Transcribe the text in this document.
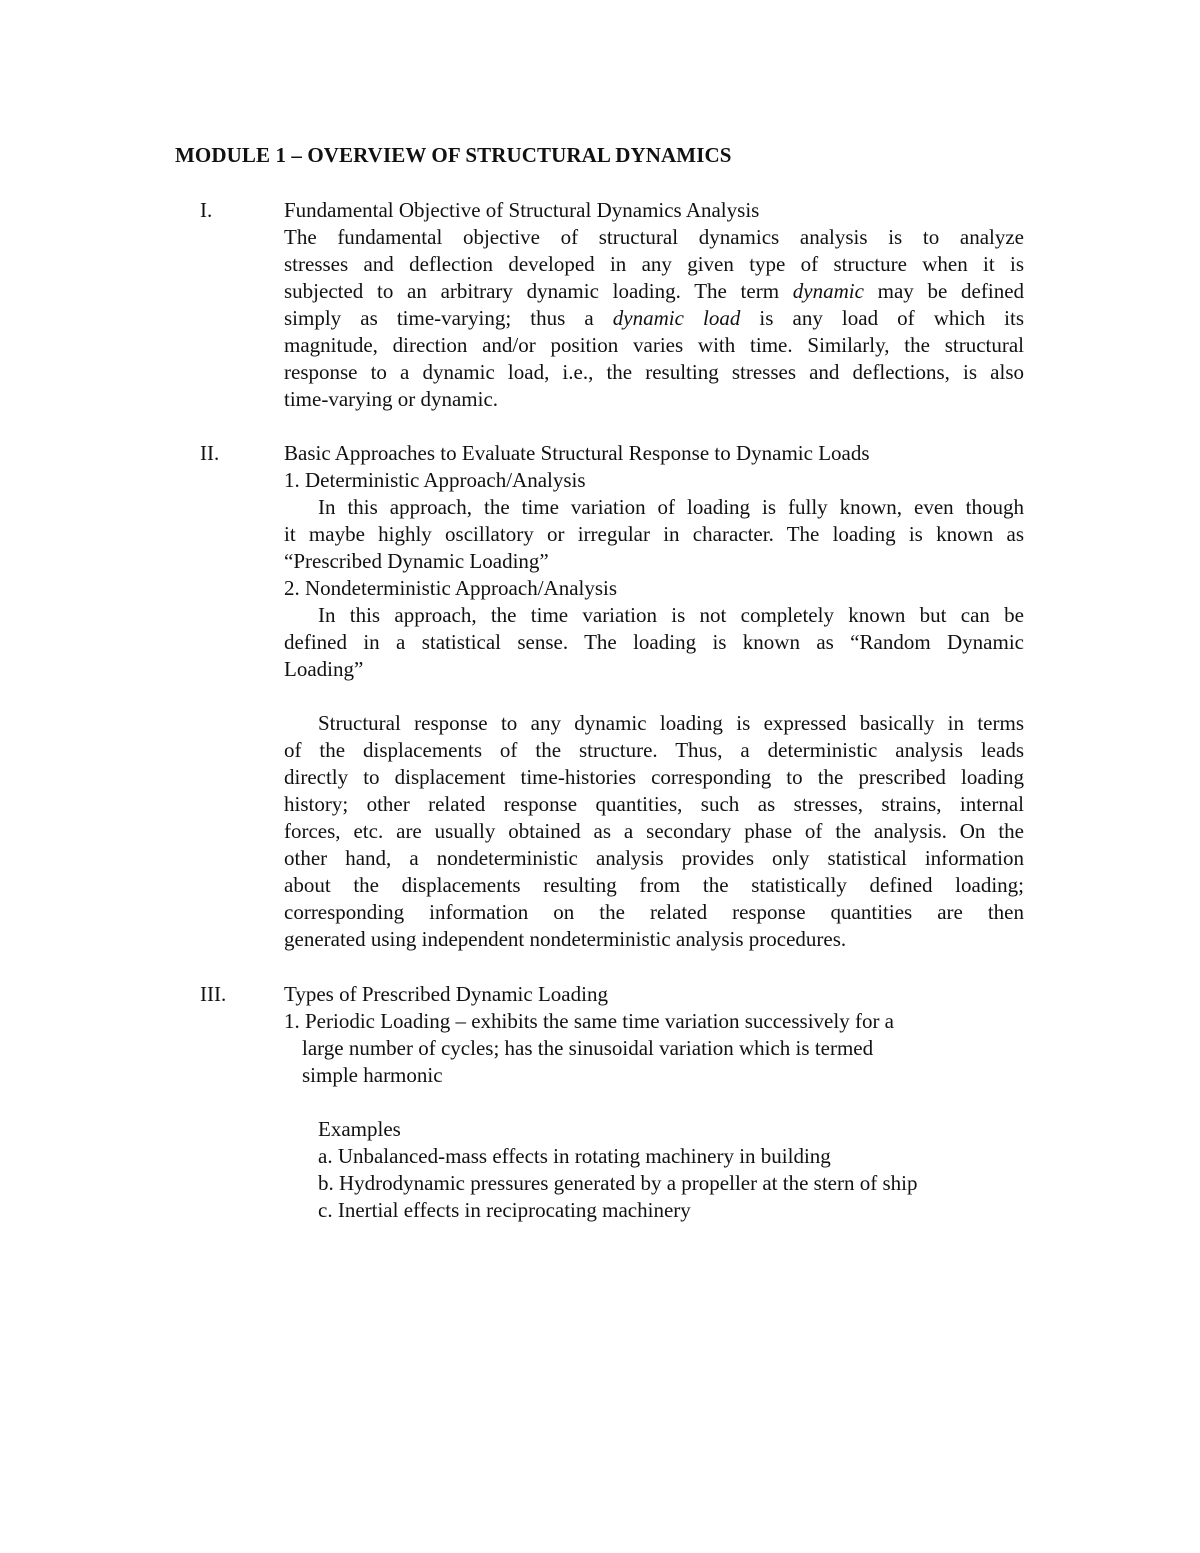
MODULE 1 – OVERVIEW OF STRUCTURAL DYNAMICS
I.	Fundamental Objective of Structural Dynamics Analysis
The fundamental objective of structural dynamics analysis is to analyze
stresses and deflection developed in any given type of structure when it is
subjected to an arbitrary dynamic loading. The term dynamic may be defined
simply as time-varying; thus a dynamic load is any load of which its
magnitude, direction and/or position varies with time. Similarly, the structural
response to a dynamic load, i.e., the resulting stresses and deflections, is also
time-varying or dynamic.
II.	Basic Approaches to Evaluate Structural Response to Dynamic Loads
1. Deterministic Approach/Analysis
In this approach, the time variation of loading is fully known, even though
it maybe highly oscillatory or irregular in character. The loading is known as
“Prescribed Dynamic Loading”
2. Nondeterministic Approach/Analysis
In this approach, the time variation is not completely known but can be
defined in a statistical sense. The loading is known as “Random Dynamic
Loading”
Structural response to any dynamic loading is expressed basically in terms
of the displacements of the structure. Thus, a deterministic analysis leads
directly to displacement time-histories corresponding to the prescribed loading
history; other related response quantities, such as stresses, strains, internal
forces, etc. are usually obtained as a secondary phase of the analysis. On the
other hand, a nondeterministic analysis provides only statistical information
about the displacements resulting from the statistically defined loading;
corresponding information on the related response quantities are then
generated using independent nondeterministic analysis procedures.
III.	Types of Prescribed Dynamic Loading
1. Periodic Loading – exhibits the same time variation successively for a
large number of cycles; has the sinusoidal variation which is termed
simple harmonic
Examples
a. Unbalanced-mass effects in rotating machinery in building
b. Hydrodynamic pressures generated by a propeller at the stern of ship
c. Inertial effects in reciprocating machinery
